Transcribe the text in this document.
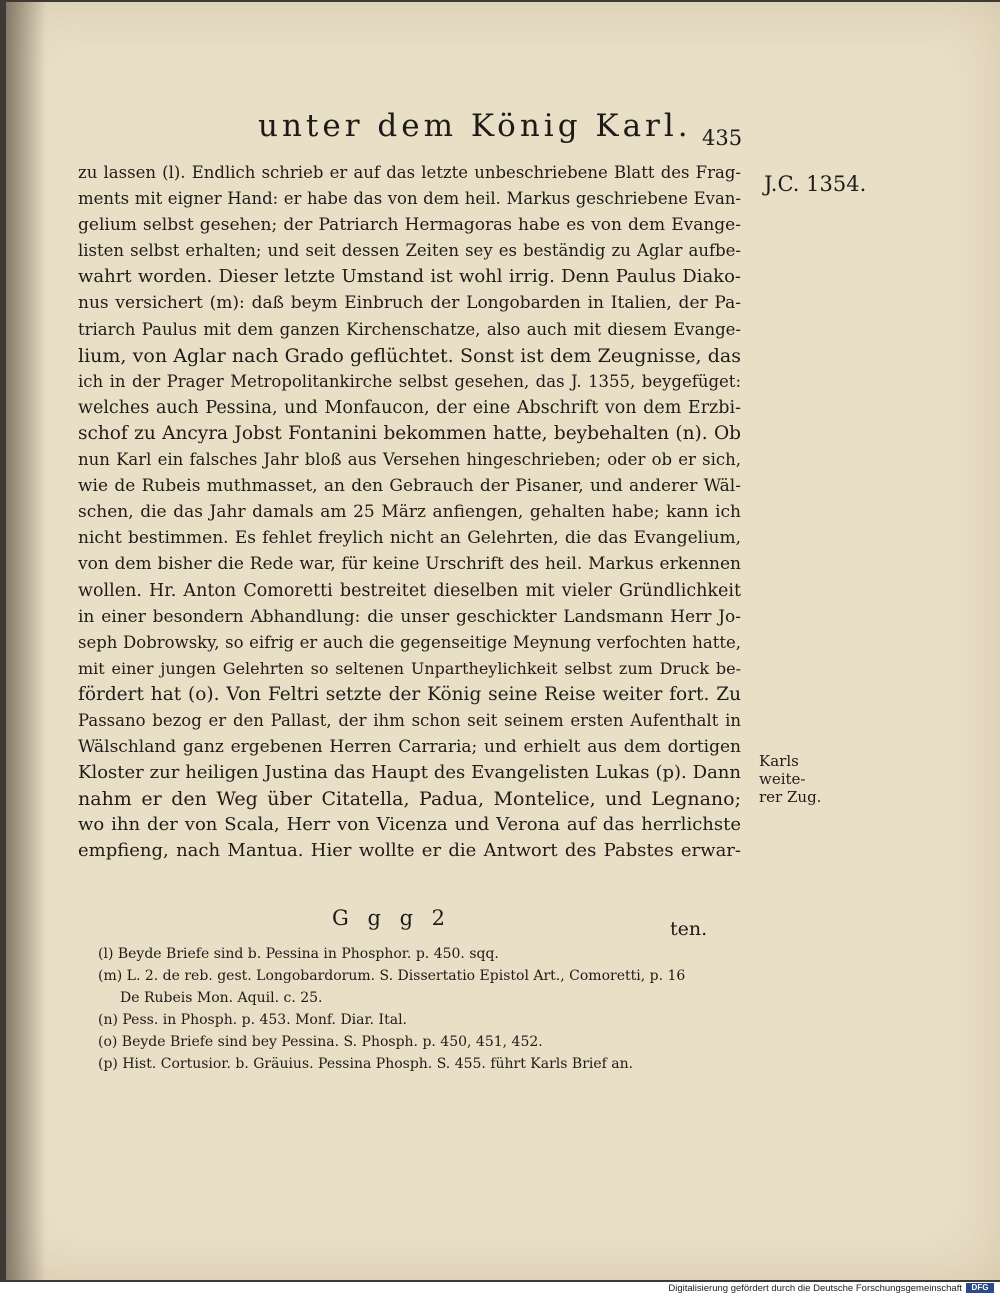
unter dem König Karl. 435
J.C. 1354.
Karls weite-
rer Zug.
zu lassen (l). Endlich schrieb er auf das letzte unbeschriebene Blatt des Frag-
ments mit eigner Hand: er habe das von dem heil. Markus geschriebene Evan-
gelium selbst gesehen; der Patriarch Hermagoras habe es von dem Evange-
listen selbst erhalten; und seit dessen Zeiten sey es beständig zu Aglar aufbe-
wahrt worden. Dieser letzte Umstand ist wohl irrig. Denn Paulus Diako-
nus versichert (m): daß beym Einbruch der Longobarden in Italien, der Pa-
triarch Paulus mit dem ganzen Kirchenschatze, also auch mit diesem Evange-
lium, von Aglar nach Grado geflüchtet. Sonst ist dem Zeugnisse, das
ich in der Prager Metropolitankirche selbst gesehen, das J. 1355, beygefüget:
welches auch Pessina, und Monfaucon, der eine Abschrift von dem Erzbi-
schof zu Ancyra Jobst Fontanini bekommen hatte, beybehalten (n). Ob
nun Karl ein falsches Jahr bloß aus Versehen hingeschrieben; oder ob er sich,
wie de Rubeis muthmasset, an den Gebrauch der Pisaner, und anderer Wäl-
schen, die das Jahr damals am 25 März anfiengen, gehalten habe; kann ich
nicht bestimmen. Es fehlet freylich nicht an Gelehrten, die das Evangelium,
von dem bisher die Rede war, für keine Urschrift des heil. Markus erkennen
wollen. Hr. Anton Comoretti bestreitet dieselben mit vieler Gründlichkeit
in einer besondern Abhandlung: die unser geschickter Landsmann Herr Jo-
seph Dobrowsky, so eifrig er auch die gegenseitige Meynung verfochten hatte,
mit einer jungen Gelehrten so seltenen Unpartheylichkeit selbst zum Druck be-
fördert hat (o). Von Feltri setzte der König seine Reise weiter fort. Zu
Passano bezog er den Pallast, der ihm schon seit seinem ersten Aufenthalt in
Wälschland ganz ergebenen Herren Carraria; und erhielt aus dem dortigen
Kloster zur heiligen Justina das Haupt des Evangelisten Lukas (p). Dann
nahm er den Weg über Citatella, Padua, Montelice, und Legnano;
wo ihn der von Scala, Herr von Vicenza und Verona auf das herrlichste
empfieng, nach Mantua. Hier wollte er die Antwort des Pabstes erwar-
G g g 2	ten.
(l) Beyde Briefe sind b. Pessina in Phosphor. p. 450. sqq.
(m) L. 2. de reb. gest. Longobardorum. S. Dissertatio Epistol Art., Comoretti, p. 16
De Rubeis Mon. Aquil. c. 25.
(n) Pess. in Phosph. p. 453. Monf. Diar. Ital.
(o) Beyde Briefe sind bey Pessina. S. Phosph. p. 450, 451, 452.
(p) Hist. Cortusior. b. Gräuius. Pessina Phosph. S. 455. führt Karls Brief an.
Digitalisierung gefördert durch die Deutsche Forschungsgemeinschaft	DFG
